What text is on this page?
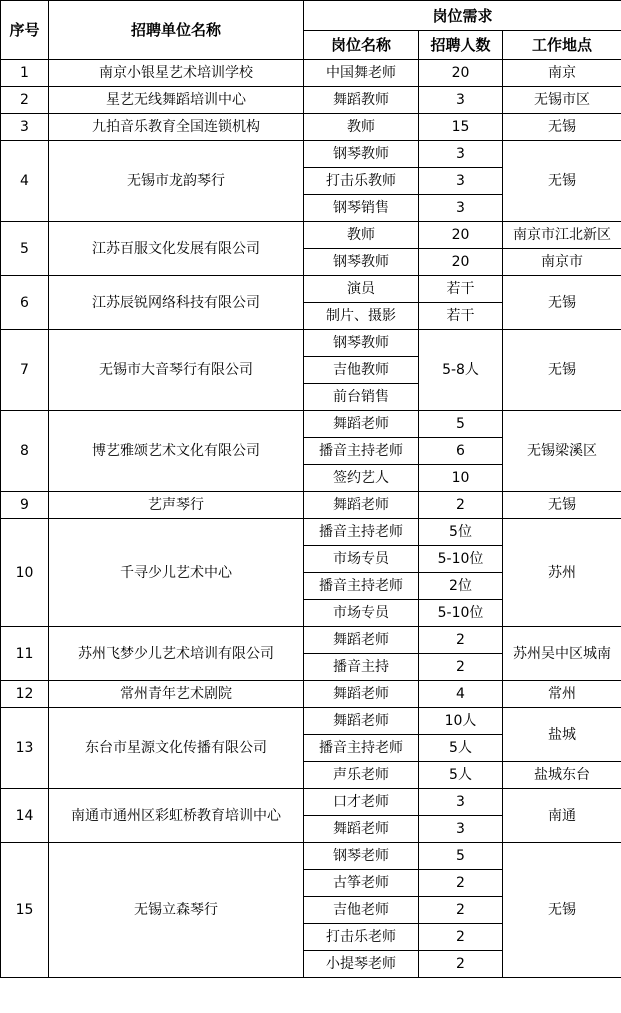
序号	招聘单位名称	岗位需求		
		岗位名称	招聘人数	工作地点
1	南京小银星艺术培训学校	中国舞老师	20	南京
2	星艺无线舞蹈培训中心	舞蹈教师	3	无锡市区
3	九拍音乐教育全国连锁机构	教师	15	无锡
4	无锡市龙韵琴行	钢琴教师	3	无锡
		打击乐教师	3	
		钢琴销售	3	
5	江苏百服文化发展有限公司	教师	20	南京市江北新区
		钢琴教师	20	南京市
6	江苏辰锐网络科技有限公司	演员	若干	无锡
		制片、摄影	若干	
7	无锡市大音琴行有限公司	钢琴教师	5-8人	无锡
		吉他教师		
		前台销售		
8	博艺雅颂艺术文化有限公司	舞蹈老师	5	无锡梁溪区
		播音主持老师	6	
		签约艺人	10	
9	艺声琴行	舞蹈老师	2	无锡
10	千寻少儿艺术中心	播音主持老师	5位	苏州
		市场专员	5-10位	
		播音主持老师	2位	
		市场专员	5-10位	
11	苏州飞梦少儿艺术培训有限公司	舞蹈老师	2	苏州吴中区城南
		播音主持	2	
12	常州青年艺术剧院	舞蹈老师	4	常州
13	东台市星源文化传播有限公司	舞蹈老师	10人	盐城
		播音主持老师	5人	
		声乐老师	5人	盐城东台
14	南通市通州区彩虹桥教育培训中心	口才老师	3	南通
		舞蹈老师	3	
15	无锡立森琴行	钢琴老师	5	无锡
		古筝老师	2	
		吉他老师	2	
		打击乐老师	2	
		小提琴老师	2	
